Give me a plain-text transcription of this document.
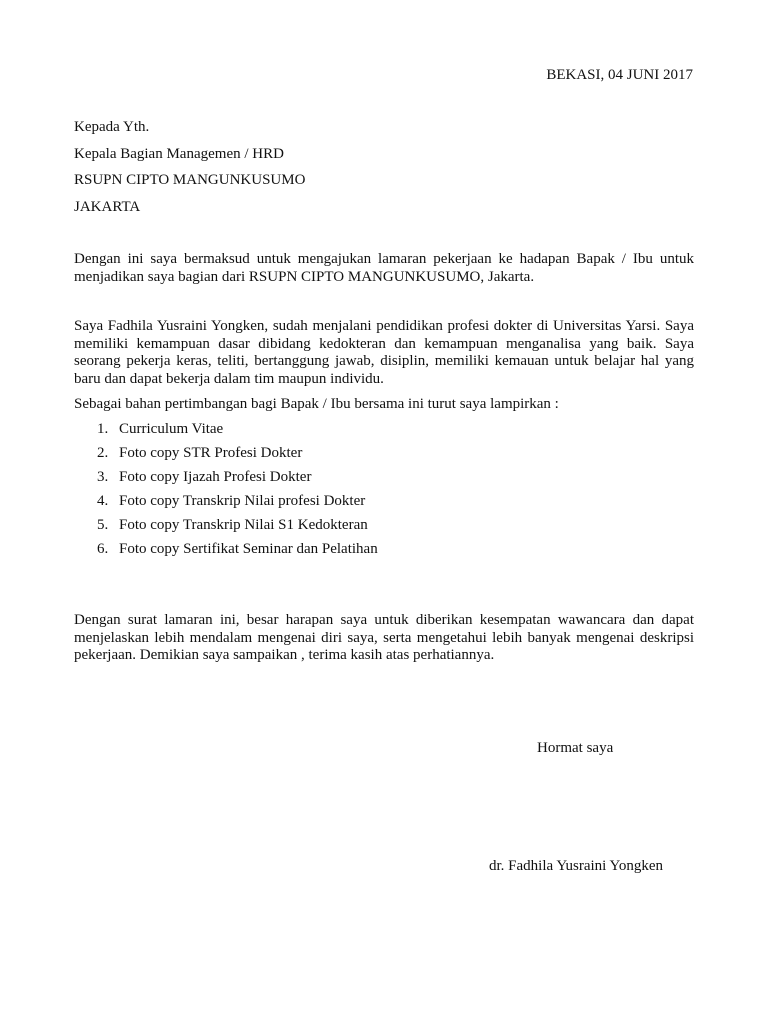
BEKASI, 04 JUNI 2017
Kepada Yth.
Kepala Bagian Managemen / HRD
RSUPN CIPTO MANGUNKUSUMO
JAKARTA

Dengan ini saya bermaksud untuk mengajukan lamaran pekerjaan ke hadapan Bapak / Ibu untuk menjadikan saya bagian dari RSUPN CIPTO MANGUNKUSUMO, Jakarta.

Saya Fadhila Yusraini Yongken, sudah menjalani pendidikan profesi dokter di Universitas Yarsi. Saya memiliki kemampuan dasar dibidang kedokteran dan kemampuan menganalisa yang baik. Saya seorang pekerja keras, teliti, bertanggung jawab, disiplin, memiliki kemauan untuk belajar hal yang baru dan dapat bekerja dalam tim maupun individu.

Sebagai bahan pertimbangan bagi Bapak / Ibu bersama ini turut saya lampirkan :

1. Curriculum Vitae
2. Foto copy STR Profesi Dokter
3. Foto copy Ijazah Profesi Dokter
4. Foto copy Transkrip Nilai profesi Dokter
5. Foto copy Transkrip Nilai S1 Kedokteran
6. Foto copy Sertifikat Seminar dan Pelatihan

Dengan surat lamaran ini, besar harapan saya untuk diberikan kesempatan wawancara dan dapat menjelaskan lebih mendalam mengenai diri saya, serta mengetahui lebih banyak mengenai deskripsi pekerjaan. Demikian saya sampaikan , terima kasih atas perhatiannya.

Hormat saya
dr. Fadhila Yusraini Yongken
